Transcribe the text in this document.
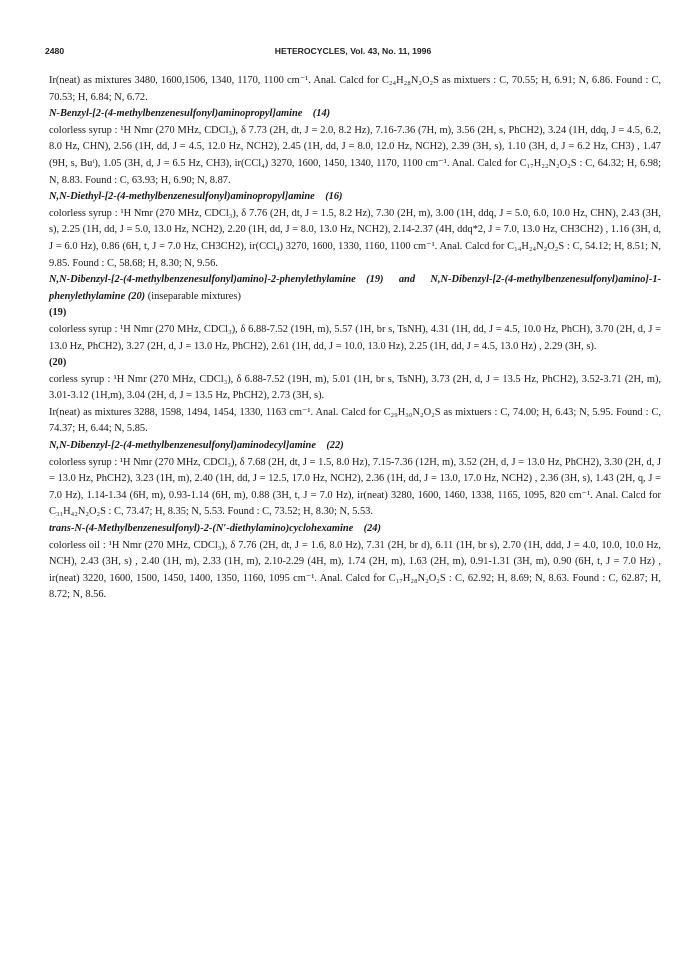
2480	HETEROCYCLES, Vol. 43, No. 11, 1996

Ir(neat) as mixtures 3480, 1600,1506, 1340, 1170, 1100 cm⁻¹. Anal. Calcd for C₂₄H₂₈N₂O₂S as mixtuers : C, 70.55; H, 6.91; N, 6.86. Found : C, 70.53; H, 6.84; N, 6.72.

N-Benzyl-[2-(4-methylbenzenesulfonyl)aminopropyl]amine  (14)

colorless syrup : ¹H Nmr (270 MHz, CDCl₃), δ 7.73 (2H, dt, J = 2.0, 8.2 Hz), 7.16-7.36 (7H, m), 3.56 (2H, s, PhCH2), 3.24 (1H, ddq, J = 4.5, 6.2, 8.0 Hz, CHN), 2.56 (1H, dd, J = 4.5, 12.0 Hz, NCH2), 2.45 (1H, dd, J = 8.0, 12.0 Hz, NCH2), 2.39 (3H, s), 1.10 (3H, d, J = 6.2 Hz, CH3) , 1.47 (9H, s, Buᵗ), 1.05 (3H, d, J = 6.5 Hz, CH3), ir(CCl₄) 3270, 1600, 1450, 1340, 1170, 1100 cm⁻¹. Anal. Calcd for C₁₇H₂₂N₂O₂S : C, 64.32; H, 6.98; N, 8.83. Found : C, 63.93; H, 6.90; N, 8.87.

N,N-Diethyl-[2-(4-methylbenzenesulfonyl)aminopropyl]amine  (16)

colorless syrup : ¹H Nmr (270 MHz, CDCl₃), δ 7.76 (2H, dt, J = 1.5, 8.2 Hz), 7.30 (2H, m), 3.00 (1H, ddq, J = 5.0, 6.0, 10.0 Hz, CHN), 2.43 (3H, s), 2.25 (1H, dd, J = 5.0, 13.0 Hz, NCH2), 2.20 (1H, dd, J = 8.0, 13.0 Hz, NCH2), 2.14-2.37 (4H, ddq*2, J = 7.0, 13.0 Hz, CH3CH2) , 1.16 (3H, d, J = 6.0 Hz), 0.86 (6H, t, J = 7.0 Hz, CH3CH2), ir(CCl₄) 3270, 1600, 1330, 1160, 1100 cm⁻¹. Anal. Calcd for C₁₄H₂₄N₂O₂S : C, 54.12; H, 8.51; N, 9.85. Found : C, 58.68; H, 8.30; N, 9.56.

N,N-Dibenzyl-[2-(4-methylbenzenesulfonyl)amino]-2-phenylethylamine  (19) and N,N-Dibenzyl-[2-(4-methylbenzenesulfonyl)amino]-1-phenylethylamine (20) (inseparable mixtures)

(19)

colorless syrup : ¹H Nmr (270 MHz, CDCl₃), δ 6.88-7.52 (19H, m), 5.57 (1H, br s, TsNH), 4.31 (1H, dd, J = 4.5, 10.0 Hz, PhCH), 3.70 (2H, d, J = 13.0 Hz, PhCH2), 3.27 (2H, d, J = 13.0 Hz, PhCH2), 2.61 (1H, dd, J = 10.0, 13.0 Hz), 2.25 (1H, dd, J = 4.5, 13.0 Hz) , 2.29 (3H, s).

(20)

corless syrup : ¹H Nmr (270 MHz, CDCl₃), δ 6.88-7.52 (19H, m), 5.01 (1H, br s, TsNH), 3.73 (2H, d, J = 13.5 Hz, PhCH2), 3.52-3.71 (2H, m), 3.01-3.12 (1H,m), 3.04 (2H, d, J = 13.5 Hz, PhCH2), 2.73 (3H, s).

Ir(neat) as mixtures 3288, 1598, 1494, 1454, 1330, 1163 cm⁻¹. Anal. Calcd for C₂₉H₃₀N₂O₂S as mixtuers : C, 74.00; H, 6.43; N, 5.95. Found : C, 74.37; H, 6.44; N, 5.85.

N,N-Dibenzyl-[2-(4-methylbenzenesulfonyl)aminodecyl]amine  (22)

colorless syrup : ¹H Nmr (270 MHz, CDCl₃), δ 7.68 (2H, dt, J = 1.5, 8.0 Hz), 7.15-7.36 (12H, m), 3.52 (2H, d, J = 13.0 Hz, PhCH2), 3.30 (2H, d, J = 13.0 Hz, PhCH2), 3.23 (1H, m), 2.40 (1H, dd, J = 12.5, 17.0 Hz, NCH2), 2.36 (1H, dd, J = 13.0, 17.0 Hz, NCH2) , 2.36 (3H, s), 1.43 (2H, q, J = 7.0 Hz), 1.14-1.34 (6H, m), 0.93-1.14 (6H, m), 0.88 (3H, t, J = 7.0 Hz), ir(neat) 3280, 1600, 1460, 1338, 1165, 1095, 820 cm⁻¹. Anal. Calcd for C₃₁H₄₂N₂O₂S : C, 73.47; H, 8.35; N, 5.53. Found : C, 73.52; H, 8.30; N, 5.53.

trans-N-(4-Methylbenzenesulfonyl)-2-(N′-diethylamino)cyclohexamine  (24)

colorless oil : ¹H Nmr (270 MHz, CDCl₃), δ 7.76 (2H, dt, J = 1.6, 8.0 Hz), 7.31 (2H, br d), 6.11 (1H, br s), 2.70 (1H, ddd, J = 4.0, 10.0, 10.0 Hz, NCH), 2.43 (3H, s) , 2.40 (1H, m), 2.33 (1H, m), 2.10-2.29 (4H, m), 1.74 (2H, m), 1.63 (2H, m), 0.91-1.31 (3H, m), 0.90 (6H, t, J = 7.0 Hz) , ir(neat) 3220, 1600, 1500, 1450, 1400, 1350, 1160, 1095 cm⁻¹. Anal. Calcd for C₁₇H₂₈N₂O₂S : C, 62.92; H, 8.69; N, 8.63. Found : C, 62.87; H, 8.72; N, 8.56.
